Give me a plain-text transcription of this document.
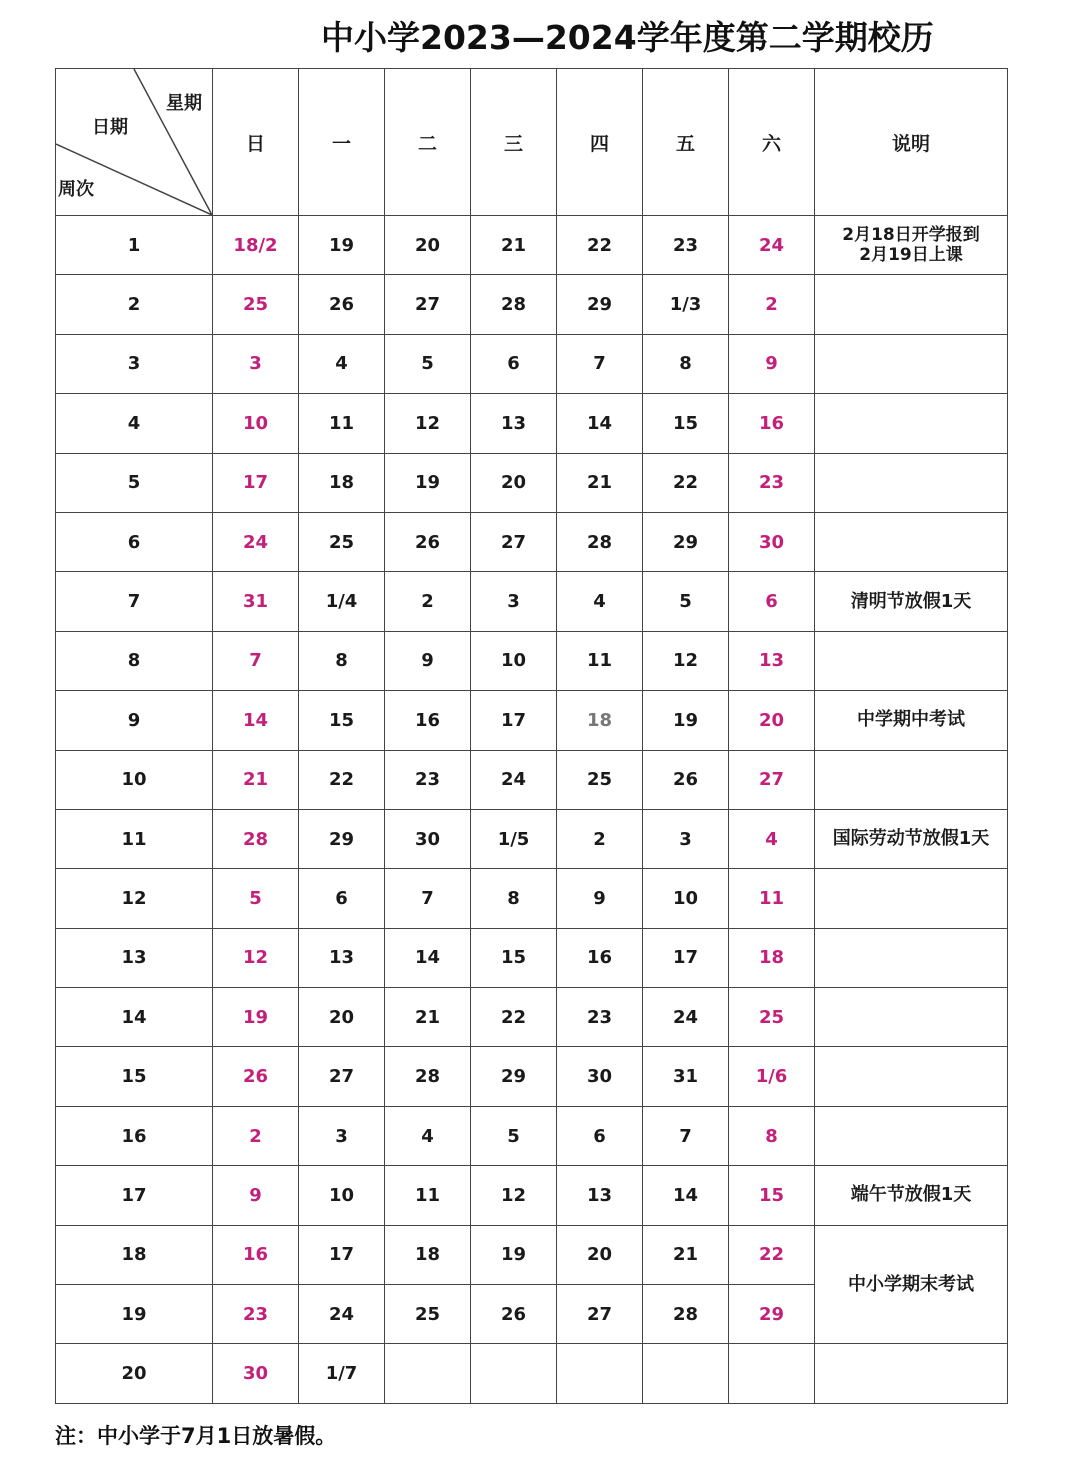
中小学2023—2024学年度第二学期校历
星期
日期
周次	日	一	二	三	四	五	六	说明
1	18/2	19	20	21	22	23	24	2月18日开学报到
2月19日上课

2	25	26	27	28	29	1/3	2	
3	3	4	5	6	7	8	9	
4	10	11	12	13	14	15	16	
5	17	18	19	20	21	22	23	
6	24	25	26	27	28	29	30	
7	31	1/4	2	3	4	5	6	清明节放假1天

8	7	8	9	10	11	12	13	
9	14	15	16	17	18	19	20	中学期中考试

10	21	22	23	24	25	26	27	
11	28	29	30	1/5	2	3	4	国际劳动节放假1天

12	5	6	7	8	9	10	11	
13	12	13	14	15	16	17	18	
14	19	20	21	22	23	24	25	
15	26	27	28	29	30	31	1/6	
16	2	3	4	5	6	7	8	
17	9	10	11	12	13	14	15	端午节放假1天

18	16	17	18	19	20	21	22	中小学期末考试

19	23	24	25	26	27	28	29	
20	30	1/7						
注：中小学于7月1日放暑假。
